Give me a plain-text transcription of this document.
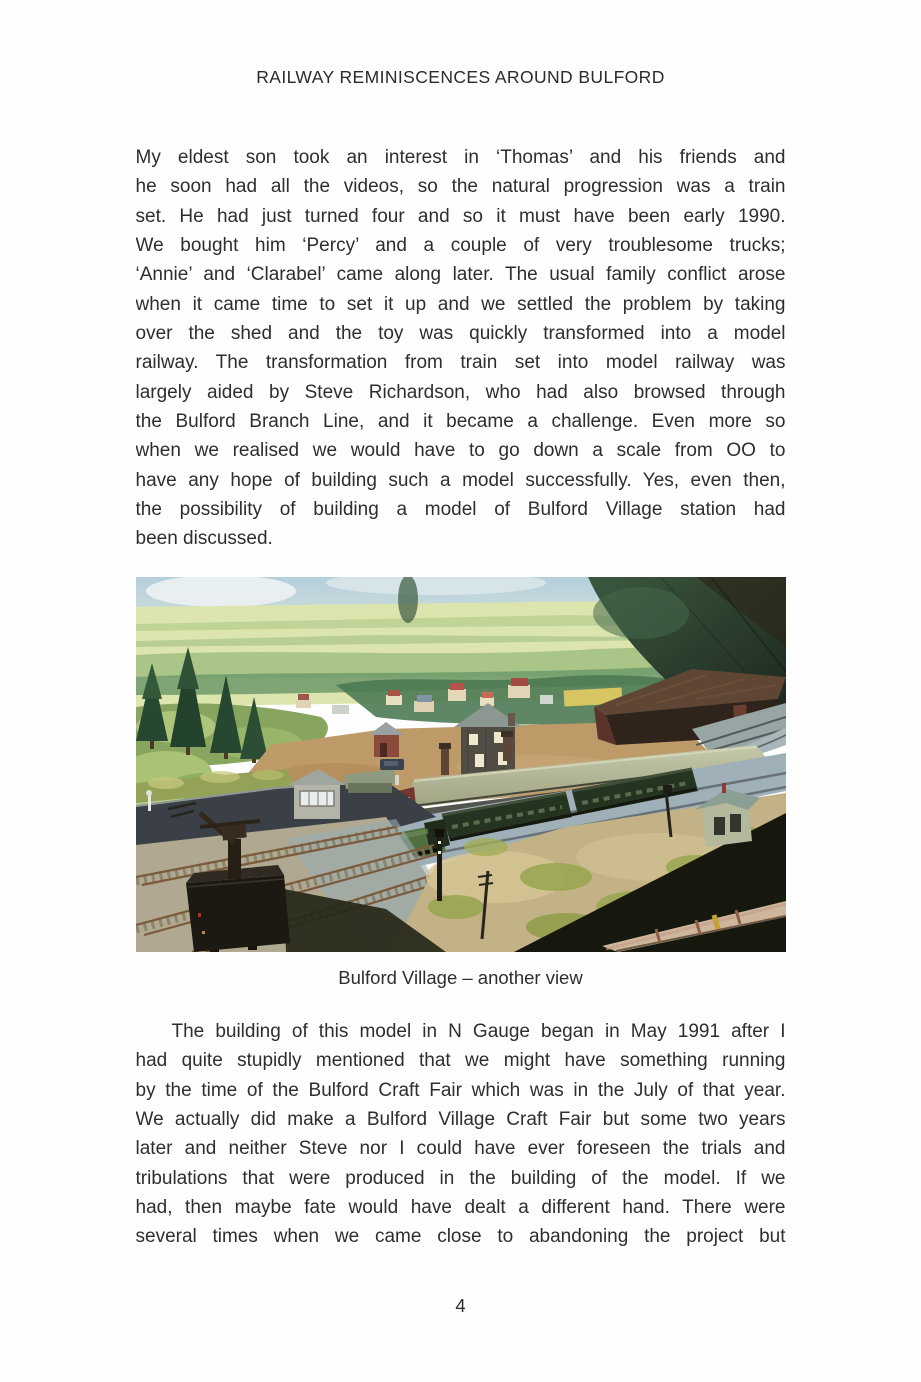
RAILWAY REMINISCENCES AROUND BULFORD
My eldest son took an interest in ‘Thomas’ and his friends and
he soon had all the videos, so the natural progression was a train
set. He had just turned four and so it must have been early 1990.
We bought him ‘Percy’ and a couple of very troublesome trucks;
‘Annie’ and ‘Clarabel’ came along later. The usual family conflict arose
when it came time to set it up and we settled the problem by taking
over the shed and the toy was quickly transformed into a model
railway. The transformation from train set into model railway was
largely aided by Steve Richardson, who had also browsed through
the Bulford Branch Line, and it became a challenge. Even more so
when we realised we would have to go down a scale from OO to
have any hope of building such a model successfully. Yes, even then,
the possibility of building a model of Bulford Village station had
been discussed.
Bulford Village – another view
The building of this model in N Gauge began in May 1991 after I
had quite stupidly mentioned that we might have something running
by the time of the Bulford Craft Fair which was in the July of that year.
We actually did make a Bulford Village Craft Fair but some two years
later and neither Steve nor I could have ever foreseen the trials and
tribulations that were produced in the building of the model. If we
had, then maybe fate would have dealt a different hand. There were
several times when we came close to abandoning the project but
4
